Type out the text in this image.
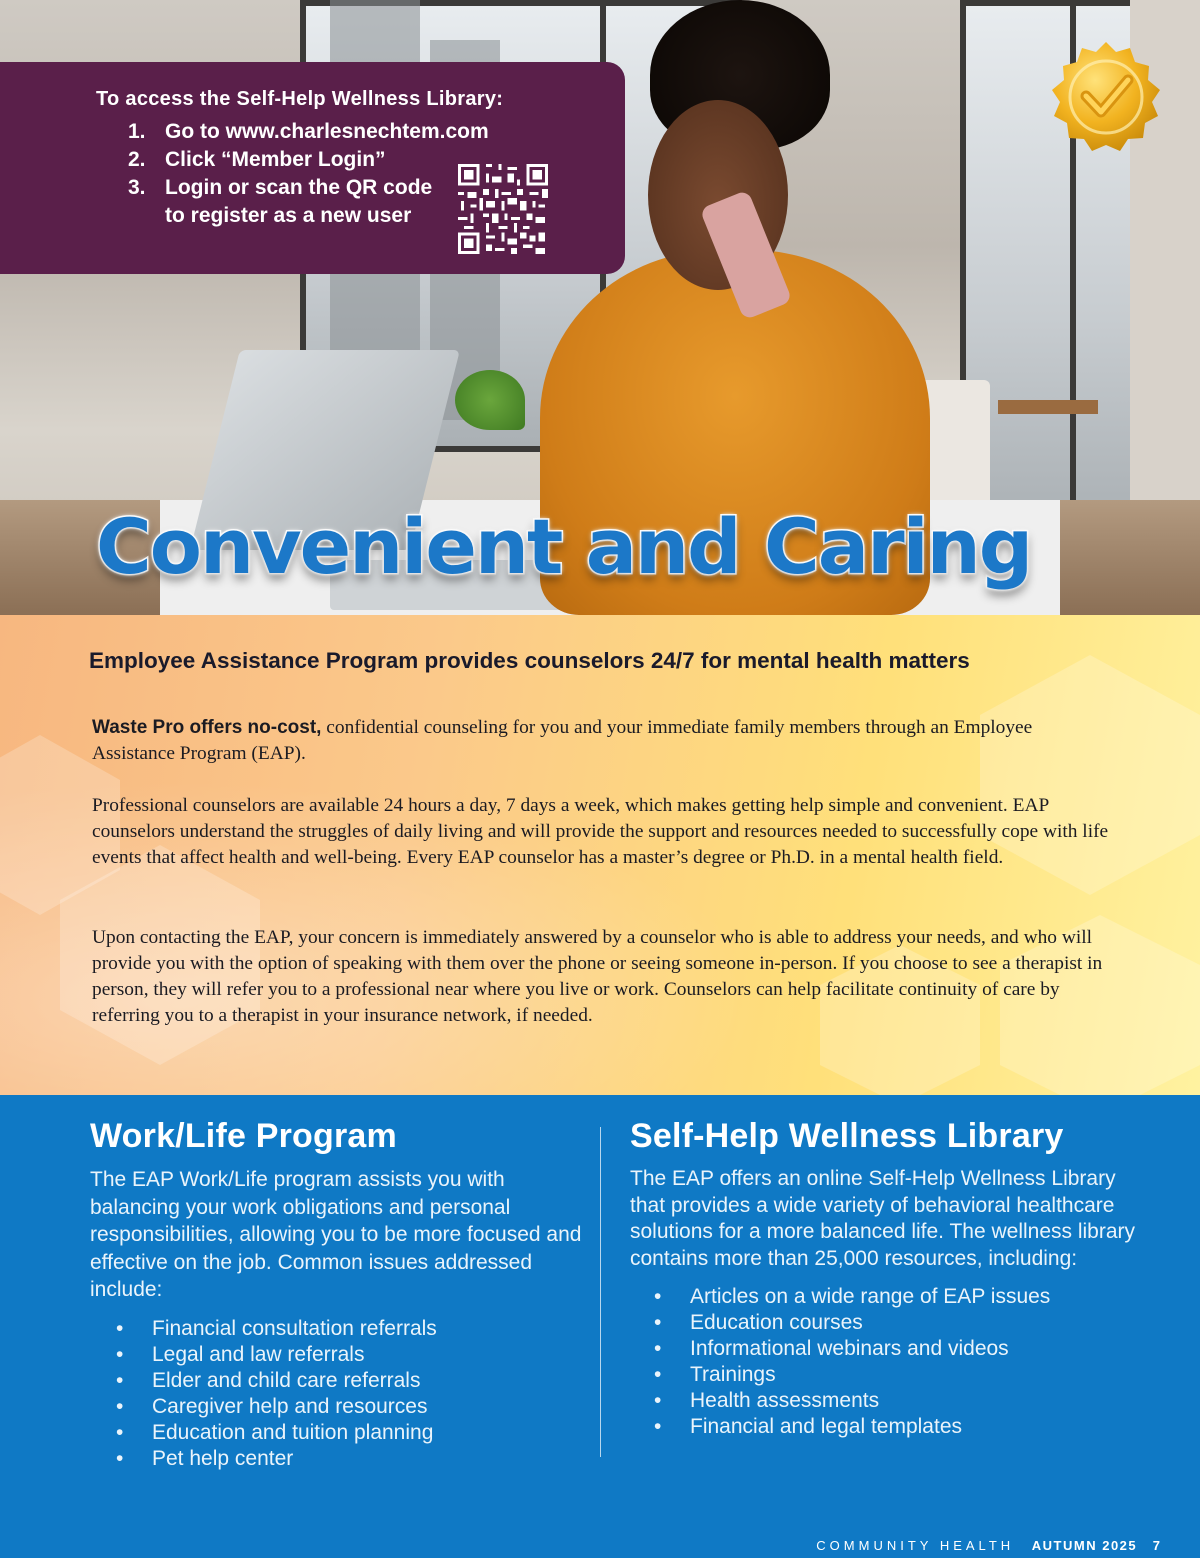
To access the Self-Help Wellness Library:
1. Go to www.charlesnechtem.com
2. Click “Member Login”
3. Login or scan the QR code to register as a new user
Convenient and Caring
Employee Assistance Program provides counselors 24/7 for mental health matters

Waste Pro offers no-cost, confidential counseling for you and your immediate family members through an Employee Assistance Program (EAP).

Professional counselors are available 24 hours a day, 7 days a week, which makes getting help simple and convenient. EAP counselors understand the struggles of daily living and will provide the support and resources needed to successfully cope with life events that affect health and well-being. Every EAP counselor has a master’s degree or Ph.D. in a mental health field.

Upon contacting the EAP, your concern is immediately answered by a counselor who is able to address your needs, and who will provide you with the option of speaking with them over the phone or seeing someone in-person. If you choose to see a therapist in person, they will refer you to a professional near where you live or work. Counselors can help facilitate continuity of care by referring you to a therapist in your insurance network, if needed.

Work/Life Program

The EAP Work/Life program assists you with balancing your work obligations and personal responsibilities, allowing you to be more focused and effective on the job. Common issues addressed include:

•	Financial consultation referrals
•	Legal and law referrals
•	Elder and child care referrals
•	Caregiver help and resources
•	Education and tuition planning
•	Pet help center
Self-Help Wellness Library

The EAP offers an online Self-Help Wellness Library that provides a wide variety of behavioral healthcare solutions for a more balanced life. The wellness library contains more than 25,000 resources, including:

•	Articles on a wide range of EAP issues
•	Education courses
•	Informational webinars and videos
•	Trainings
•	Health assessments
•	Financial and legal templates
COMMUNITY HEALTH AUTUMN 2025 7
